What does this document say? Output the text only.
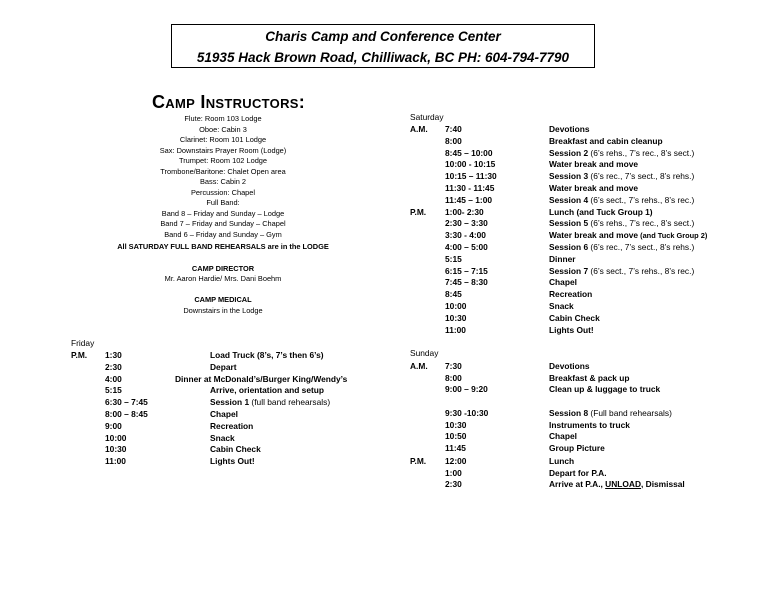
Charis Camp and Conference Center
51935 Hack Brown Road, Chilliwack, BC PH: 604-794-7790
Camp Instructors:
Flute: Room 103 Lodge
Oboe: Cabin 3
Clarinet: Room 101 Lodge
Sax: Downstairs Prayer Room (Lodge)
Trumpet: Room 102 Lodge
Trombone/Baritone: Chalet Open area
Bass: Cabin 2
Percussion: Chapel
Full Band:
Band 8 – Friday and Sunday – Lodge
Band 7 – Friday and Sunday – Chapel
Band 6 – Friday and Sunday – Gym
All SATURDAY FULL BAND REHEARSALS are in the LODGE
CAMP DIRECTOR
Mr. Aaron Hardie/ Mrs. Dani Boehm
CAMP MEDICAL
Downstairs in the Lodge
Friday
P.M. 1:30	Load Truck (8’s, 7’s then 6’s)
2:30	Depart
4:00	Dinner at McDonald’s/Burger King/Wendy’s
5:15	Arrive, orientation and setup
6:30 – 7:45	Session 1 (full band rehearsals)
8:00 – 8:45	Chapel
9:00	Recreation
10:00	Snack
10:30	Cabin Check
11:00	Lights Out!
Saturday
A.M. 7:40	Devotions
8:00	Breakfast and cabin cleanup
8:45 – 10:00	Session 2 (6’s rehs., 7’s rec., 8’s sect.)
10:00 - 10:15	Water break and move
10:15 – 11:30	Session 3 (6’s rec., 7’s sect., 8’s rehs.)
11:30 - 11:45	Water break and move
11:45 – 1:00	Session 4 (6’s sect., 7’s rehs., 8’s rec.)
P.M. 1:00- 2:30	Lunch (and Tuck Group 1)
2:30 – 3:30	Session 5 (6’s rehs., 7’s rec., 8’s sect.)
3:30 - 4:00	Water break and move (and Tuck Group 2)
4:00 – 5:00	Session 6 (6’s rec., 7’s sect., 8’s rehs.)
5:15	Dinner
6:15 – 7:15	Session 7 (6’s sect., 7’s rehs., 8’s rec.)
7:45 – 8:30	Chapel
8:45	Recreation
10:00	Snack
10:30	Cabin Check
11:00	Lights Out!
Sunday
A.M. 7:30	Devotions
8:00	Breakfast & pack up
9:00 – 9:20	Clean up & luggage to truck
9:30 -10:30	Session 8 (Full band rehearsals)
10:30	Instruments to truck
10:50	Chapel
11:45	Group Picture
P.M. 12:00	Lunch
1:00	Depart for P.A.
2:30	Arrive at P.A., UNLOAD, Dismissal
